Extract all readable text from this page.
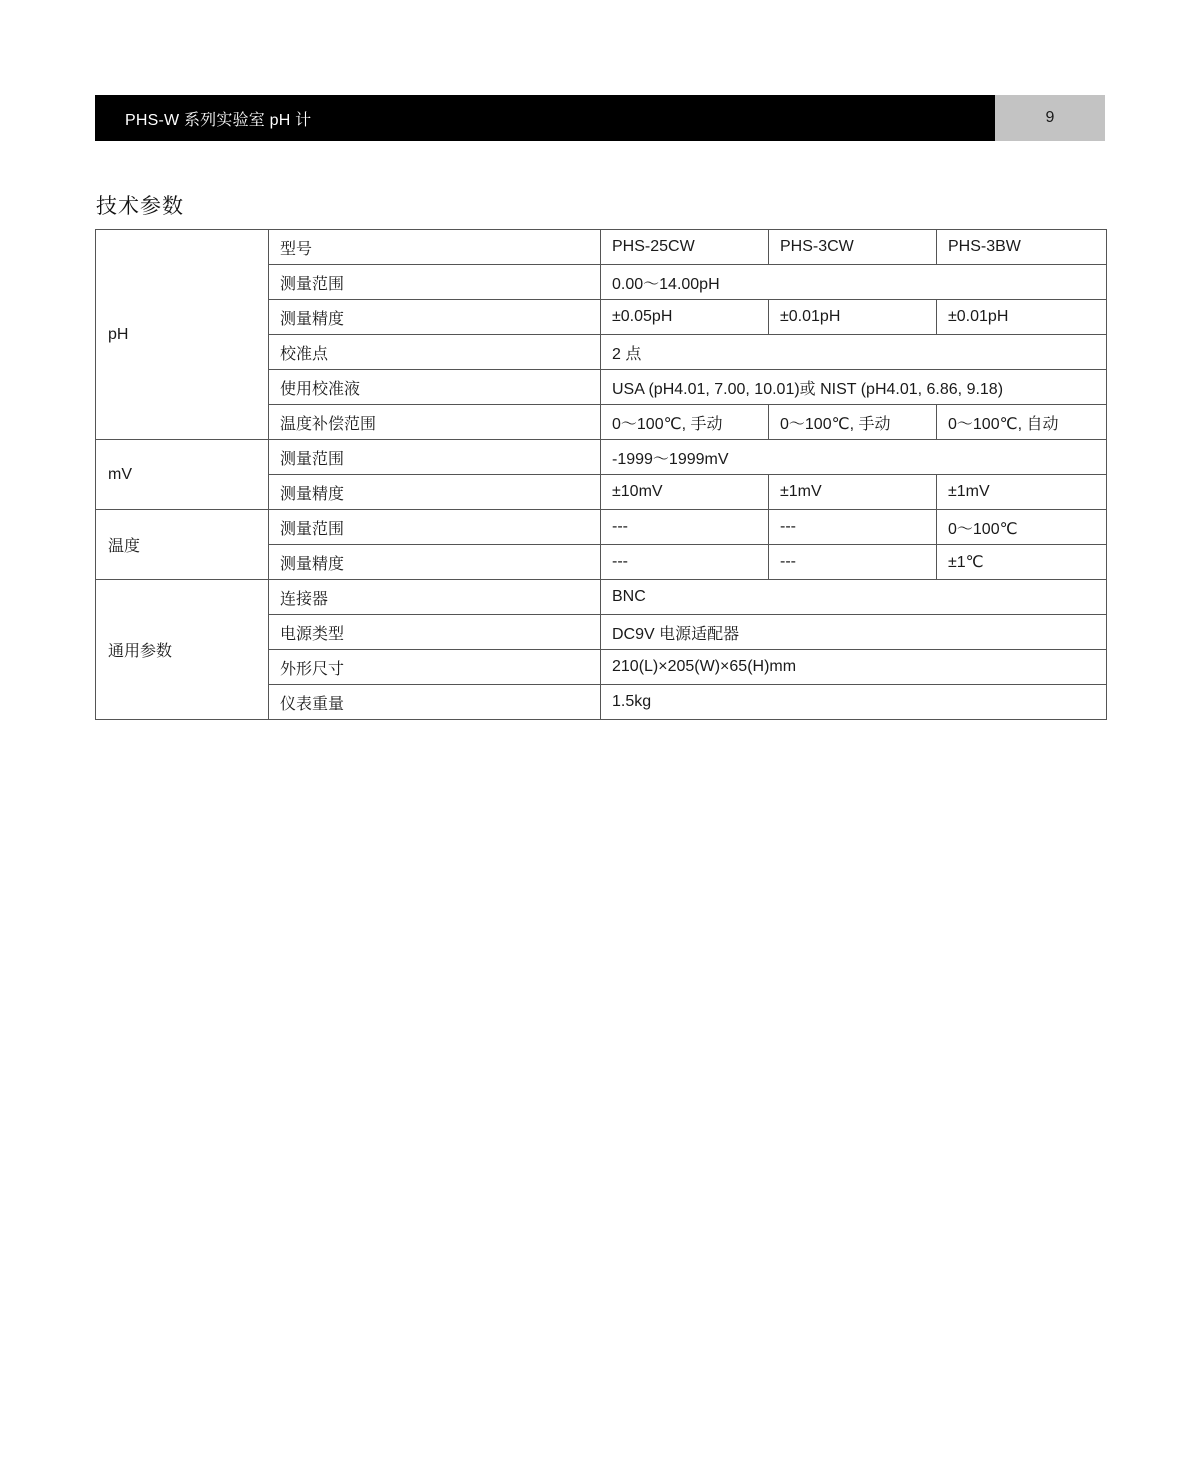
PHS-W 系列实验室 pH 计	9
技术参数
pH	型号	PHS-25CW	PHS-3CW	PHS-3BW
	测量范围	0.00～14.00pH		
	测量精度	±0.05pH	±0.01pH	±0.01pH
	校准点	2 点		
	使用校准液	USA (pH4.01, 7.00, 10.01)或 NIST (pH4.01, 6.86, 9.18)		
	温度补偿范围	0～100℃, 手动	0～100℃, 手动	0～100℃, 自动
mV	测量范围	-1999～1999mV		
	测量精度	±10mV	±1mV	±1mV
温度	测量范围	---	---	0～100℃
	测量精度	---	---	±1℃
通用参数	连接器	BNC		
	电源类型	DC9V 电源适配器		
	外形尺寸	210(L)×205(W)×65(H)mm		
	仪表重量	1.5kg		
